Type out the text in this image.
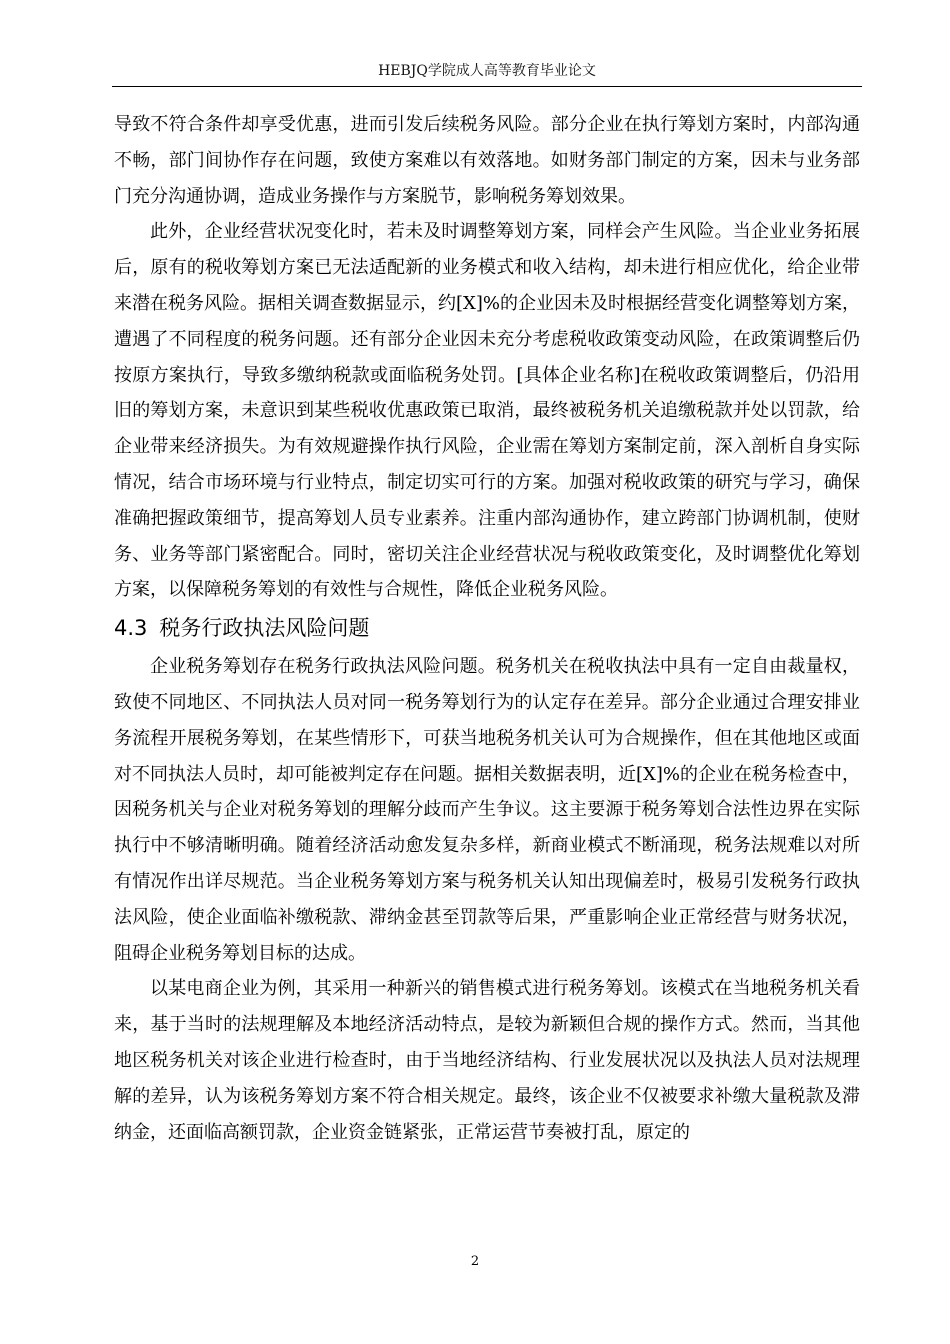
HEBJQ学院成人高等教育毕业论文

导致不符合条件却享受优惠，进而引发后续税务风险。部分企业在执行筹划方案时，内部沟通不畅，部门间协作存在问题，致使方案难以有效落地。如财务部门制定的方案，因未与业务部门充分沟通协调，造成业务操作与方案脱节，影响税务筹划效果。

此外，企业经营状况变化时，若未及时调整筹划方案，同样会产生风险。当企业业务拓展后，原有的税收筹划方案已无法适配新的业务模式和收入结构，却未进行相应优化，给企业带来潜在税务风险。据相关调查数据显示，约[X]%的企业因未及时根据经营变化调整筹划方案，遭遇了不同程度的税务问题。还有部分企业因未充分考虑税收政策变动风险，在政策调整后仍按原方案执行，导致多缴纳税款或面临税务处罚。[具体企业名称]在税收政策调整后，仍沿用旧的筹划方案，未意识到某些税收优惠政策已取消，最终被税务机关追缴税款并处以罚款，给企业带来经济损失。为有效规避操作执行风险，企业需在筹划方案制定前，深入剖析自身实际情况，结合市场环境与行业特点，制定切实可行的方案。加强对税收政策的研究与学习，确保准确把握政策细节，提高筹划人员专业素养。注重内部沟通协作，建立跨部门协调机制，使财务、业务等部门紧密配合。同时，密切关注企业经营状况与税收政策变化，及时调整优化筹划方案，以保障税务筹划的有效性与合规性，降低企业税务风险。

4.3 税务行政执法风险问题

企业税务筹划存在税务行政执法风险问题。税务机关在税收执法中具有一定自由裁量权，致使不同地区、不同执法人员对同一税务筹划行为的认定存在差异。部分企业通过合理安排业务流程开展税务筹划，在某些情形下，可获当地税务机关认可为合规操作，但在其他地区或面对不同执法人员时，却可能被判定存在问题。据相关数据表明，近[X]%的企业在税务检查中，因税务机关与企业对税务筹划的理解分歧而产生争议。这主要源于税务筹划合法性边界在实际执行中不够清晰明确。随着经济活动愈发复杂多样，新商业模式不断涌现，税务法规难以对所有情况作出详尽规范。当企业税务筹划方案与税务机关认知出现偏差时，极易引发税务行政执法风险，使企业面临补缴税款、滞纳金甚至罚款等后果，严重影响企业正常经营与财务状况，阻碍企业税务筹划目标的达成。

以某电商企业为例，其采用一种新兴的销售模式进行税务筹划。该模式在当地税务机关看来，基于当时的法规理解及本地经济活动特点，是较为新颖但合规的操作方式。然而，当其他地区税务机关对该企业进行检查时，由于当地经济结构、行业发展状况以及执法人员对法规理解的差异，认为该税务筹划方案不符合相关规定。最终，该企业不仅被要求补缴大量税款及滞纳金，还面临高额罚款，企业资金链紧张，正常运营节奏被打乱，原定的

2
